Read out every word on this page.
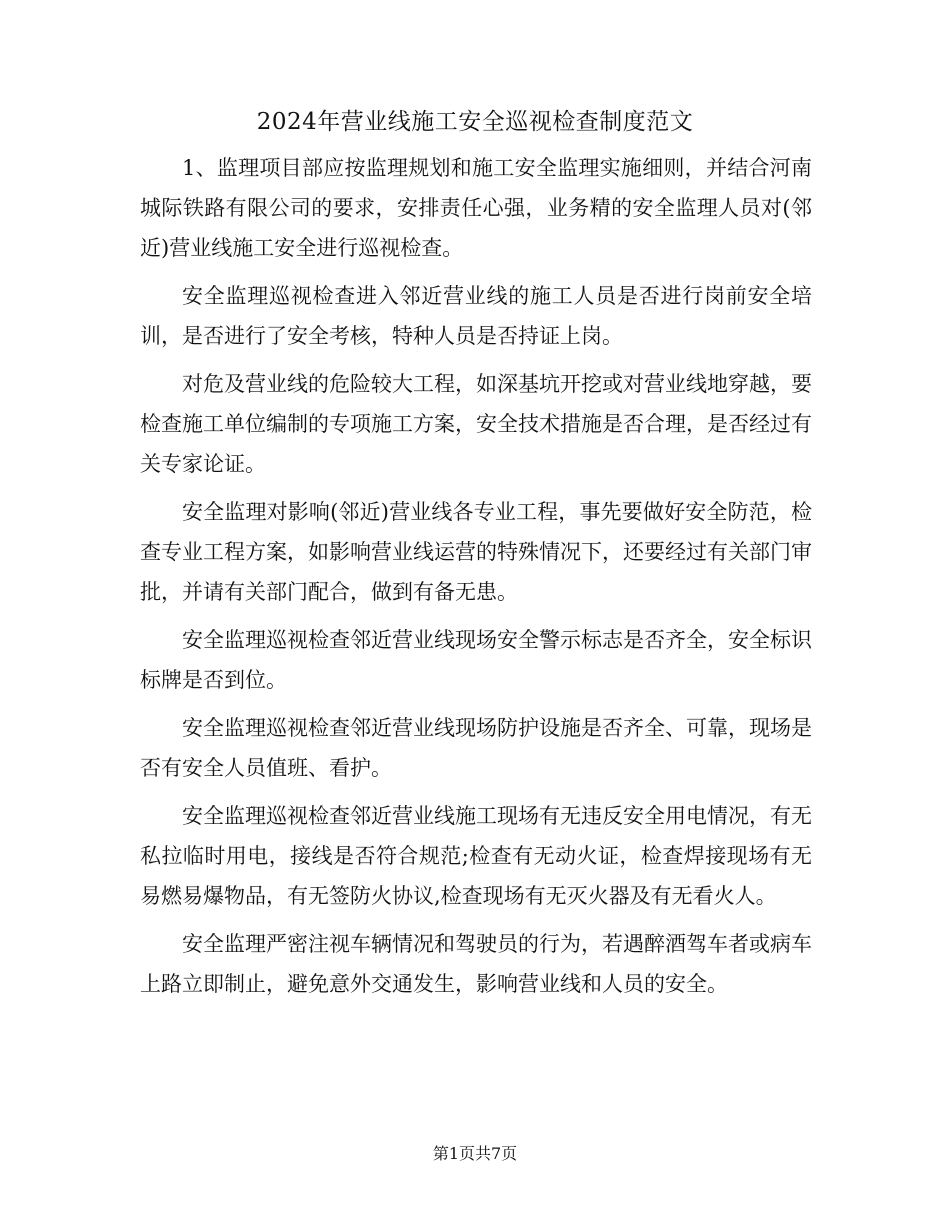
2024年营业线施工安全巡视检查制度范文

1、监理项目部应按监理规划和施工安全监理实施细则，并结合河南城际铁路有限公司的要求，安排责任心强，业务精的安全监理人员对(邻近)营业线施工安全进行巡视检查。

安全监理巡视检查进入邻近营业线的施工人员是否进行岗前安全培训，是否进行了安全考核，特种人员是否持证上岗。

对危及营业线的危险较大工程，如深基坑开挖或对营业线地穿越，要检查施工单位编制的专项施工方案，安全技术措施是否合理，是否经过有关专家论证。

安全监理对影响(邻近)营业线各专业工程，事先要做好安全防范，检查专业工程方案，如影响营业线运营的特殊情况下，还要经过有关部门审批，并请有关部门配合，做到有备无患。

安全监理巡视检查邻近营业线现场安全警示标志是否齐全，安全标识标牌是否到位。

安全监理巡视检查邻近营业线现场防护设施是否齐全、可靠，现场是否有安全人员值班、看护。

安全监理巡视检查邻近营业线施工现场有无违反安全用电情况，有无私拉临时用电，接线是否符合规范;检查有无动火证，检查焊接现场有无易燃易爆物品，有无签防火协议,检查现场有无灭火器及有无看火人。

安全监理严密注视车辆情况和驾驶员的行为，若遇醉酒驾车者或病车上路立即制止，避免意外交通发生，影响营业线和人员的安全。

第1页共7页
